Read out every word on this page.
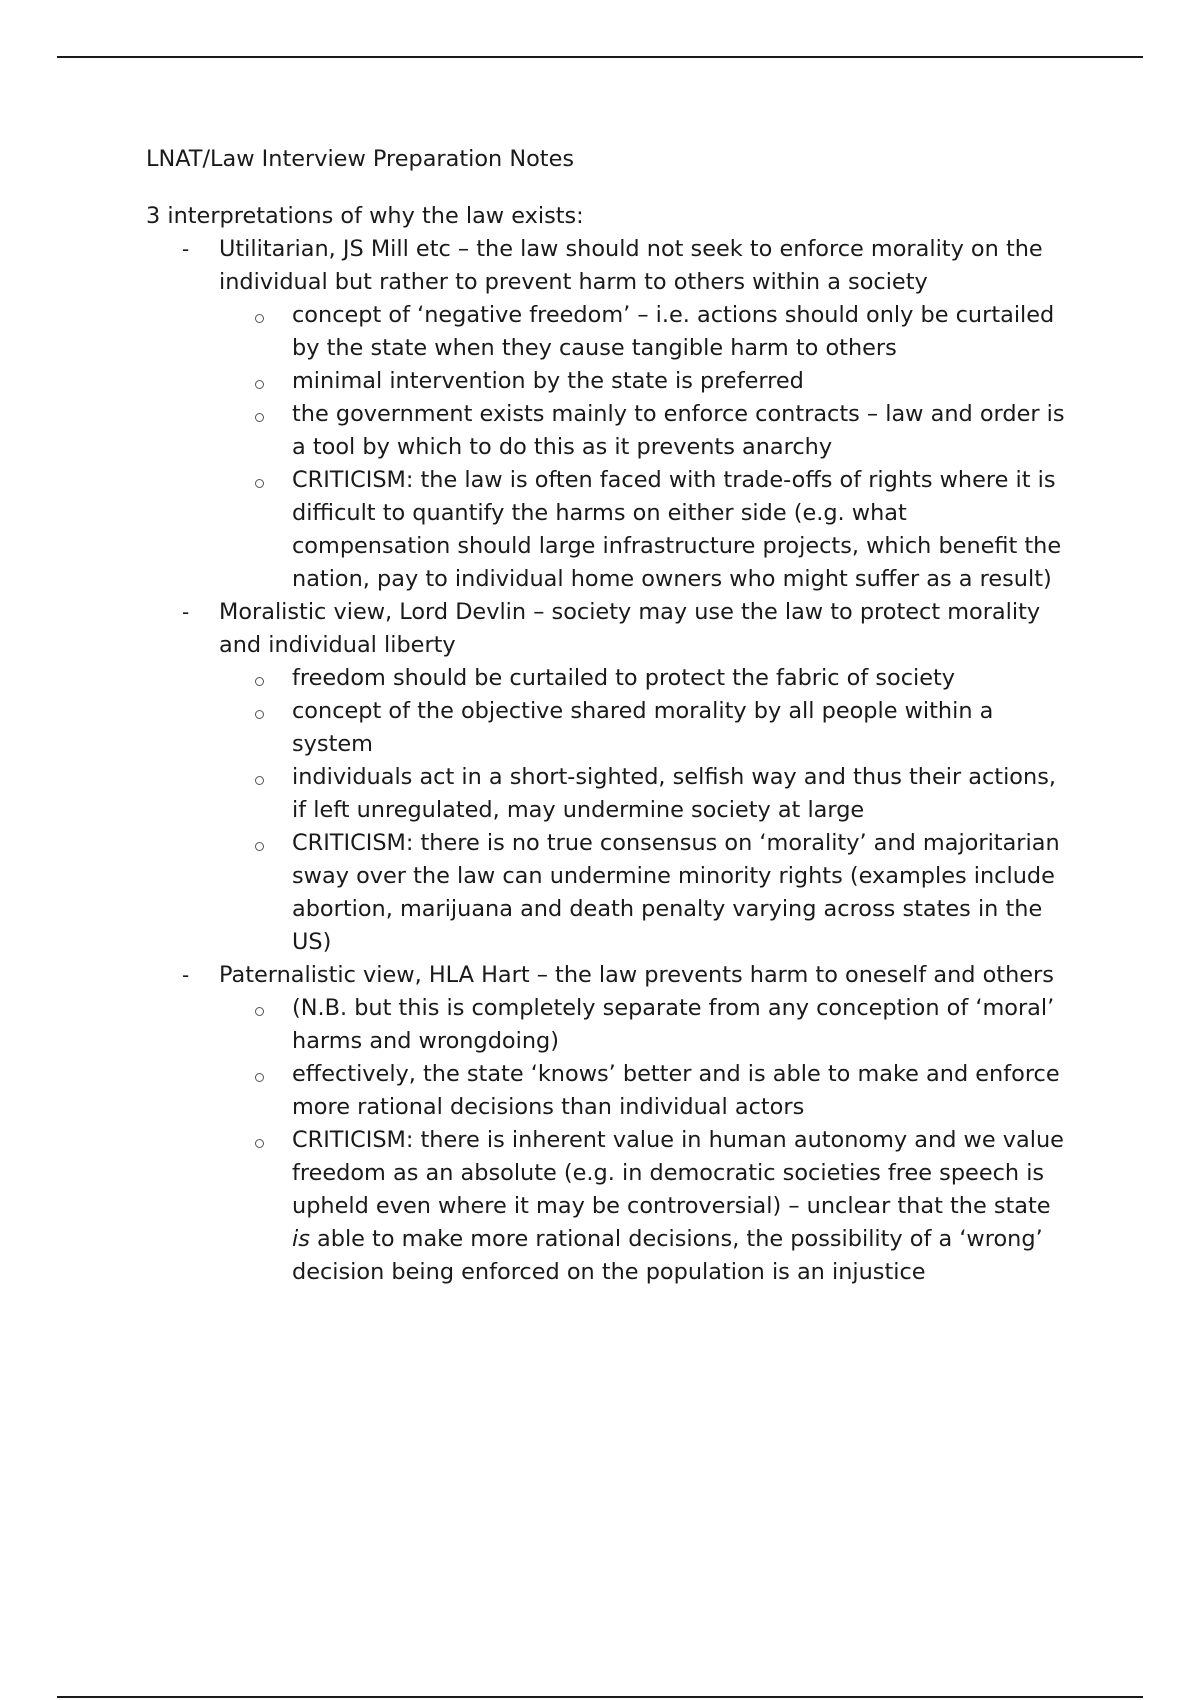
LNAT/Law Interview Preparation Notes

3 interpretations of why the law exists:

- Utilitarian, JS Mill etc – the law should not seek to enforce morality on the individual but rather to prevent harm to others within a society
concept of ‘negative freedom’ – i.e. actions should only be curtailed by the state when they cause tangible harm to others
minimal intervention by the state is preferred
the government exists mainly to enforce contracts – law and order is a tool by which to do this as it prevents anarchy
CRITICISM: the law is often faced with trade-offs of rights where it is difficult to quantify the harms on either side (e.g. what compensation should large infrastructure projects, which benefit the nation, pay to individual home owners who might suffer as a result)
- Moralistic view, Lord Devlin – society may use the law to protect morality and individual liberty
freedom should be curtailed to protect the fabric of society
concept of the objective shared morality by all people within a system
individuals act in a short-sighted, selfish way and thus their actions, if left unregulated, may undermine society at large
CRITICISM: there is no true consensus on ‘morality’ and majoritarian sway over the law can undermine minority rights (examples include abortion, marijuana and death penalty varying across states in the US)
- Paternalistic view, HLA Hart – the law prevents harm to oneself and others
(N.B. but this is completely separate from any conception of ‘moral’ harms and wrongdoing)
effectively, the state ‘knows’ better and is able to make and enforce more rational decisions than individual actors
CRITICISM: there is inherent value in human autonomy and we value freedom as an absolute (e.g. in democratic societies free speech is upheld even where it may be controversial) – unclear that the state is able to make more rational decisions, the possibility of a ‘wrong’ decision being enforced on the population is an injustice
